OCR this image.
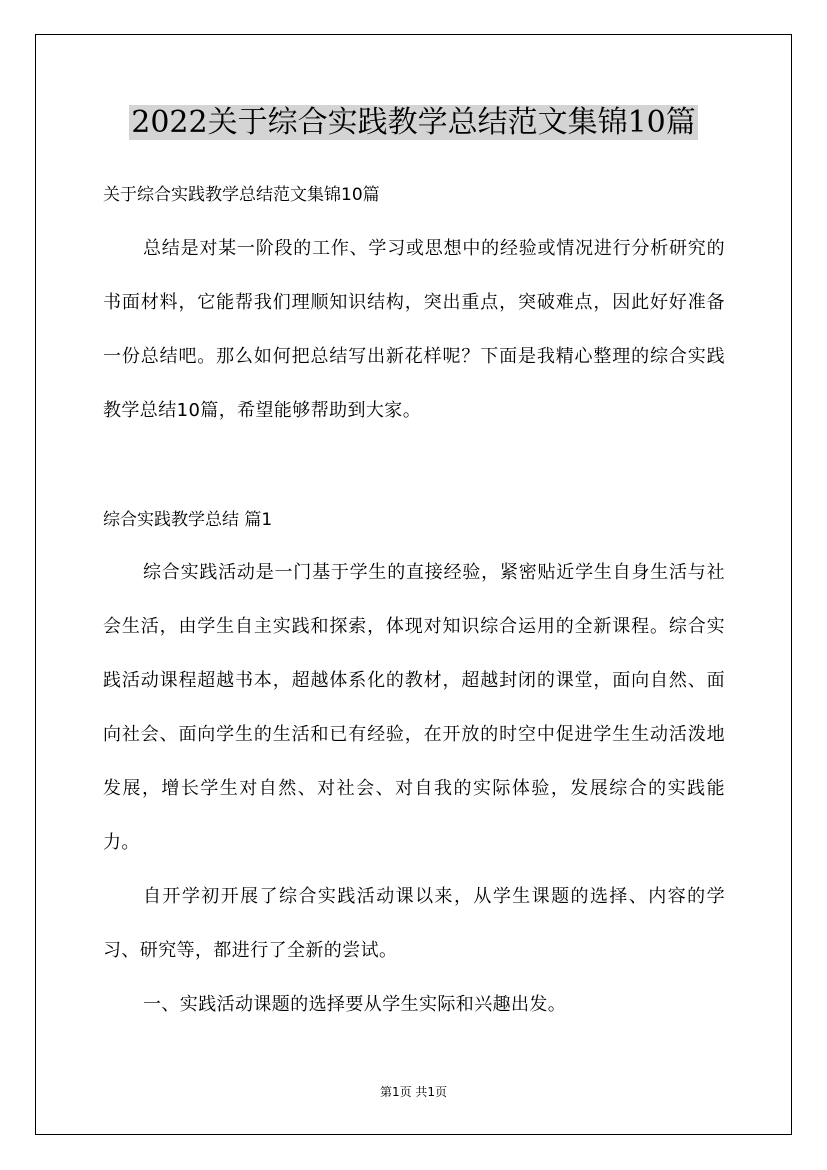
2022关于综合实践教学总结范文集锦10篇

关于综合实践教学总结范文集锦10篇

总结是对某一阶段的工作、学习或思想中的经验或情况进行分析研究的书面材料，它能帮我们理顺知识结构，突出重点，突破难点，因此好好准备一份总结吧。那么如何把总结写出新花样呢？下面是我精心整理的综合实践教学总结10篇，希望能够帮助到大家。

综合实践教学总结 篇1

综合实践活动是一门基于学生的直接经验，紧密贴近学生自身生活与社会生活，由学生自主实践和探索，体现对知识综合运用的全新课程。综合实践活动课程超越书本，超越体系化的教材，超越封闭的课堂，面向自然、面向社会、面向学生的生活和已有经验，在开放的时空中促进学生生动活泼地发展，增长学生对自然、对社会、对自我的实际体验，发展综合的实践能力。

自开学初开展了综合实践活动课以来，从学生课题的选择、内容的学习、研究等，都进行了全新的尝试。

一、实践活动课题的选择要从学生实际和兴趣出发。

第1页 共1页
